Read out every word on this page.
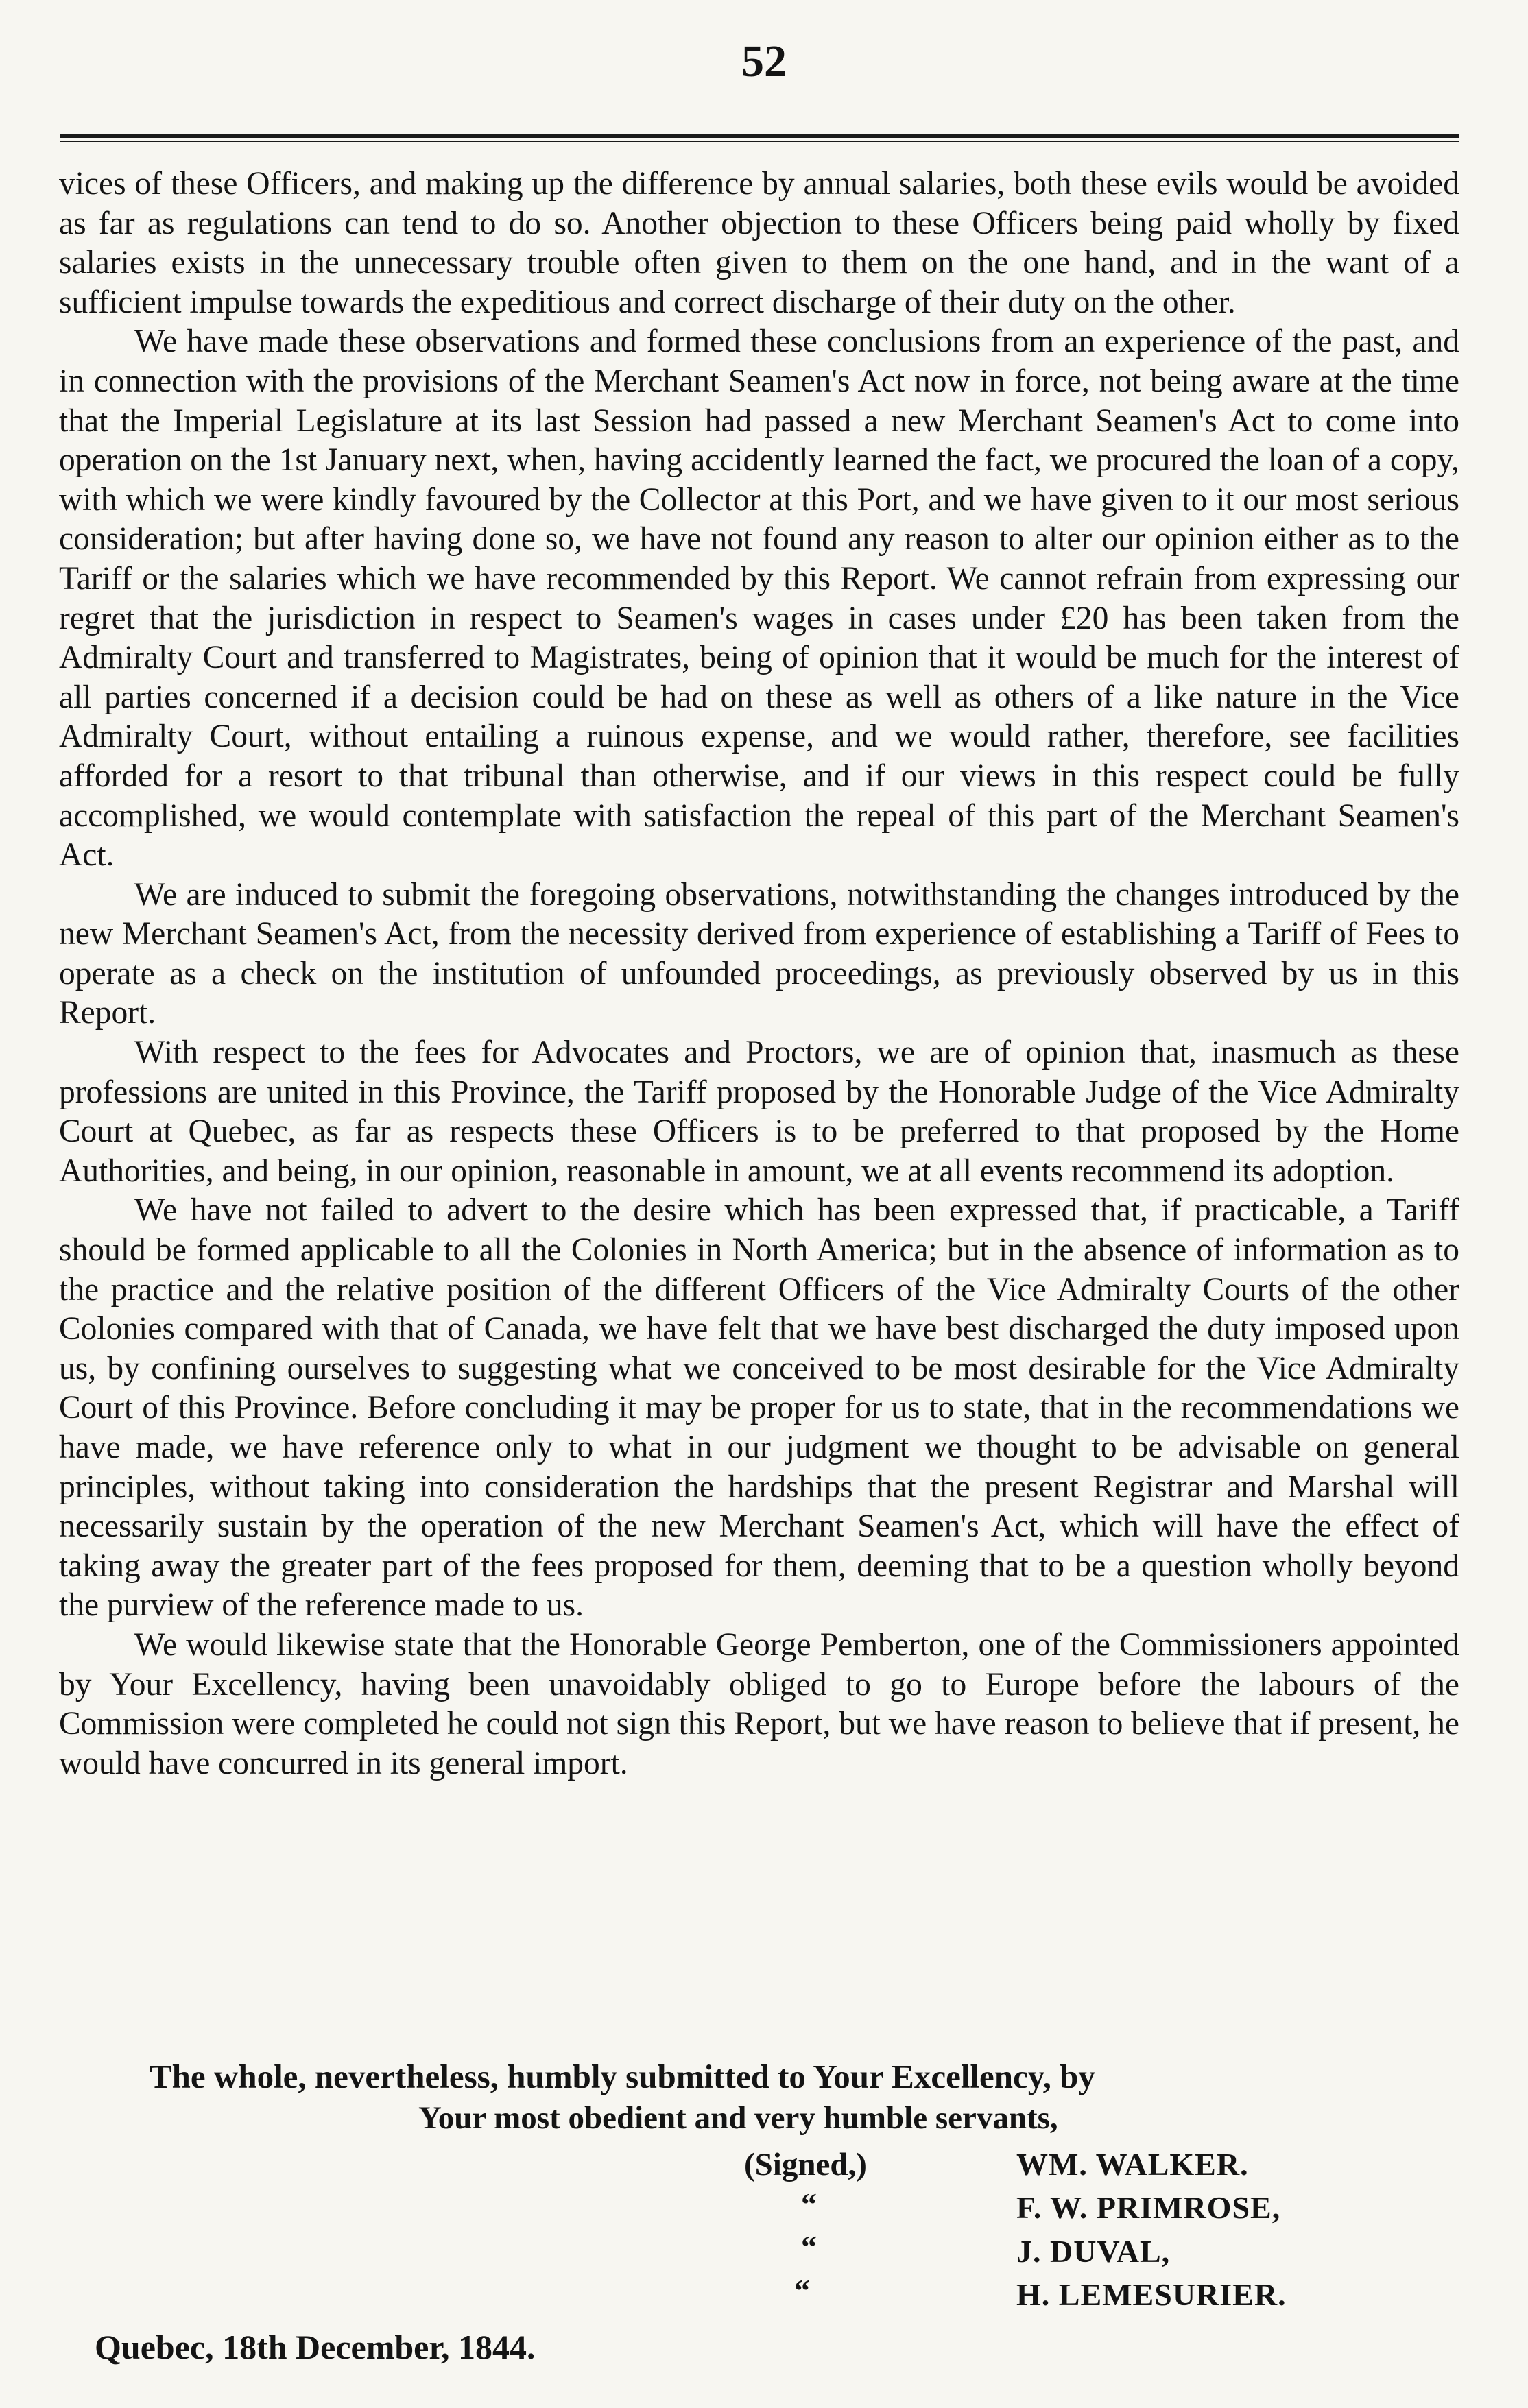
52

vices of these Officers, and making up the difference by annual salaries, both these evils would be avoided as far as regulations can tend to do so. Another objection to these Officers being paid wholly by fixed salaries exists in the unnecessary trouble often given to them on the one hand, and in the want of a sufficient impulse towards the expeditious and correct discharge of their duty on the other.

We have made these observations and formed these conclusions from an experience of the past, and in connection with the provisions of the Merchant Seamen's Act now in force, not being aware at the time that the Imperial Legislature at its last Session had passed a new Merchant Seamen's Act to come into operation on the 1st January next, when, having accidently learned the fact, we procured the loan of a copy, with which we were kindly favoured by the Collector at this Port, and we have given to it our most serious consideration; but after having done so, we have not found any reason to alter our opinion either as to the Tariff or the salaries which we have recommended by this Report. We cannot refrain from expressing our regret that the jurisdiction in respect to Seamen's wages in cases under £20 has been taken from the Admiralty Court and transferred to Magistrates, being of opinion that it would be much for the interest of all parties concerned if a decision could be had on these as well as others of a like nature in the Vice Admiralty Court, without entailing a ruinous expense, and we would rather, therefore, see facilities afforded for a resort to that tribunal than otherwise, and if our views in this respect could be fully accomplished, we would contemplate with satisfaction the repeal of this part of the Merchant Seamen's Act.

We are induced to submit the foregoing observations, notwithstanding the changes introduced by the new Merchant Seamen's Act, from the necessity derived from experience of establishing a Tariff of Fees to operate as a check on the institution of unfounded proceedings, as previously observed by us in this Report.

With respect to the fees for Advocates and Proctors, we are of opinion that, inasmuch as these professions are united in this Province, the Tariff proposed by the Honorable Judge of the Vice Admiralty Court at Quebec, as far as respects these Officers is to be preferred to that proposed by the Home Authorities, and being, in our opinion, reasonable in amount, we at all events recommend its adoption.

We have not failed to advert to the desire which has been expressed that, if practicable, a Tariff should be formed applicable to all the Colonies in North America; but in the absence of information as to the practice and the relative position of the different Officers of the Vice Admiralty Courts of the other Colonies compared with that of Canada, we have felt that we have best discharged the duty imposed upon us, by confining ourselves to suggesting what we conceived to be most desirable for the Vice Admiralty Court of this Province. Before concluding it may be proper for us to state, that in the recommendations we have made, we have reference only to what in our judgment we thought to be advisable on general principles, without taking into consideration the hardships that the present Registrar and Marshal will necessarily sustain by the operation of the new Merchant Seamen's Act, which will have the effect of taking away the greater part of the fees proposed for them, deeming that to be a question wholly beyond the purview of the reference made to us.

We would likewise state that the Honorable George Pemberton, one of the Commissioners appointed by Your Excellency, having been unavoidably obliged to go to Europe before the labours of the Commission were completed he could not sign this Report, but we have reason to believe that if present, he would have concurred in its general import.

The whole, nevertheless, humbly submitted to Your Excellency, by
Your most obedient and very humble servants,
(Signed,)
“
“
“
WM. WALKER.
F. W. PRIMROSE,
J. DUVAL,
H. LEMESURIER.
Quebec, 18th December, 1844.
